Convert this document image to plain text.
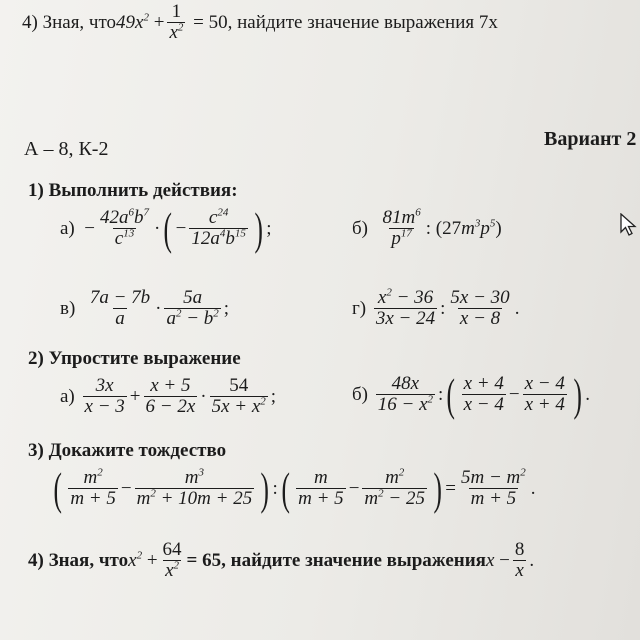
4) Зная, что $49x^2 + \frac{1}{x^2} = 50$ , найдите значение выражения 7x
А – 8, К-2	Вариант 2
1) Выполнить действия:
$а) - \frac{42a^6b^7}{c^{13}}$ · ( − $\frac{c^{24}}{12a^4b^{15}}$ ) ;	б)
$\frac{81m^6}{p^{17}}$ : (27 $m^3p^5$ )
в)
$\frac{7a - 7b}{a} \cdot \frac{5a}{a^2 - b^2}$ ;	г)
$\frac{x^2 - 36}{3x - 24}$ : $\frac{5x - 30}{x - 8}$ .
2) Упростите выражение
а)
$\frac{3x}{x - 3} + \frac{x + 5}{6 - 2x} \cdot \frac{54}{5x + x^2}$ ;	б)
$\frac{48x}{16 - x^2}$ : ( $\frac{x + 4}{x - 4} - \frac{x - 4}{x + 4}$ ) .
3) Докажите тождество
( $\frac{m^2}{m + 5} - \frac{m^3}{m^2 + 10m + 25}$ ) : ( $\frac{m}{m + 5} - \frac{m^2}{m^2 - 25}$ ) = $\frac{5m - m^2}{m + 5}$ .
4) Зная, что $x^2 + \frac{64}{x^2} = 65$, найдите значение выражения $x - \frac{8}{x}$ .
